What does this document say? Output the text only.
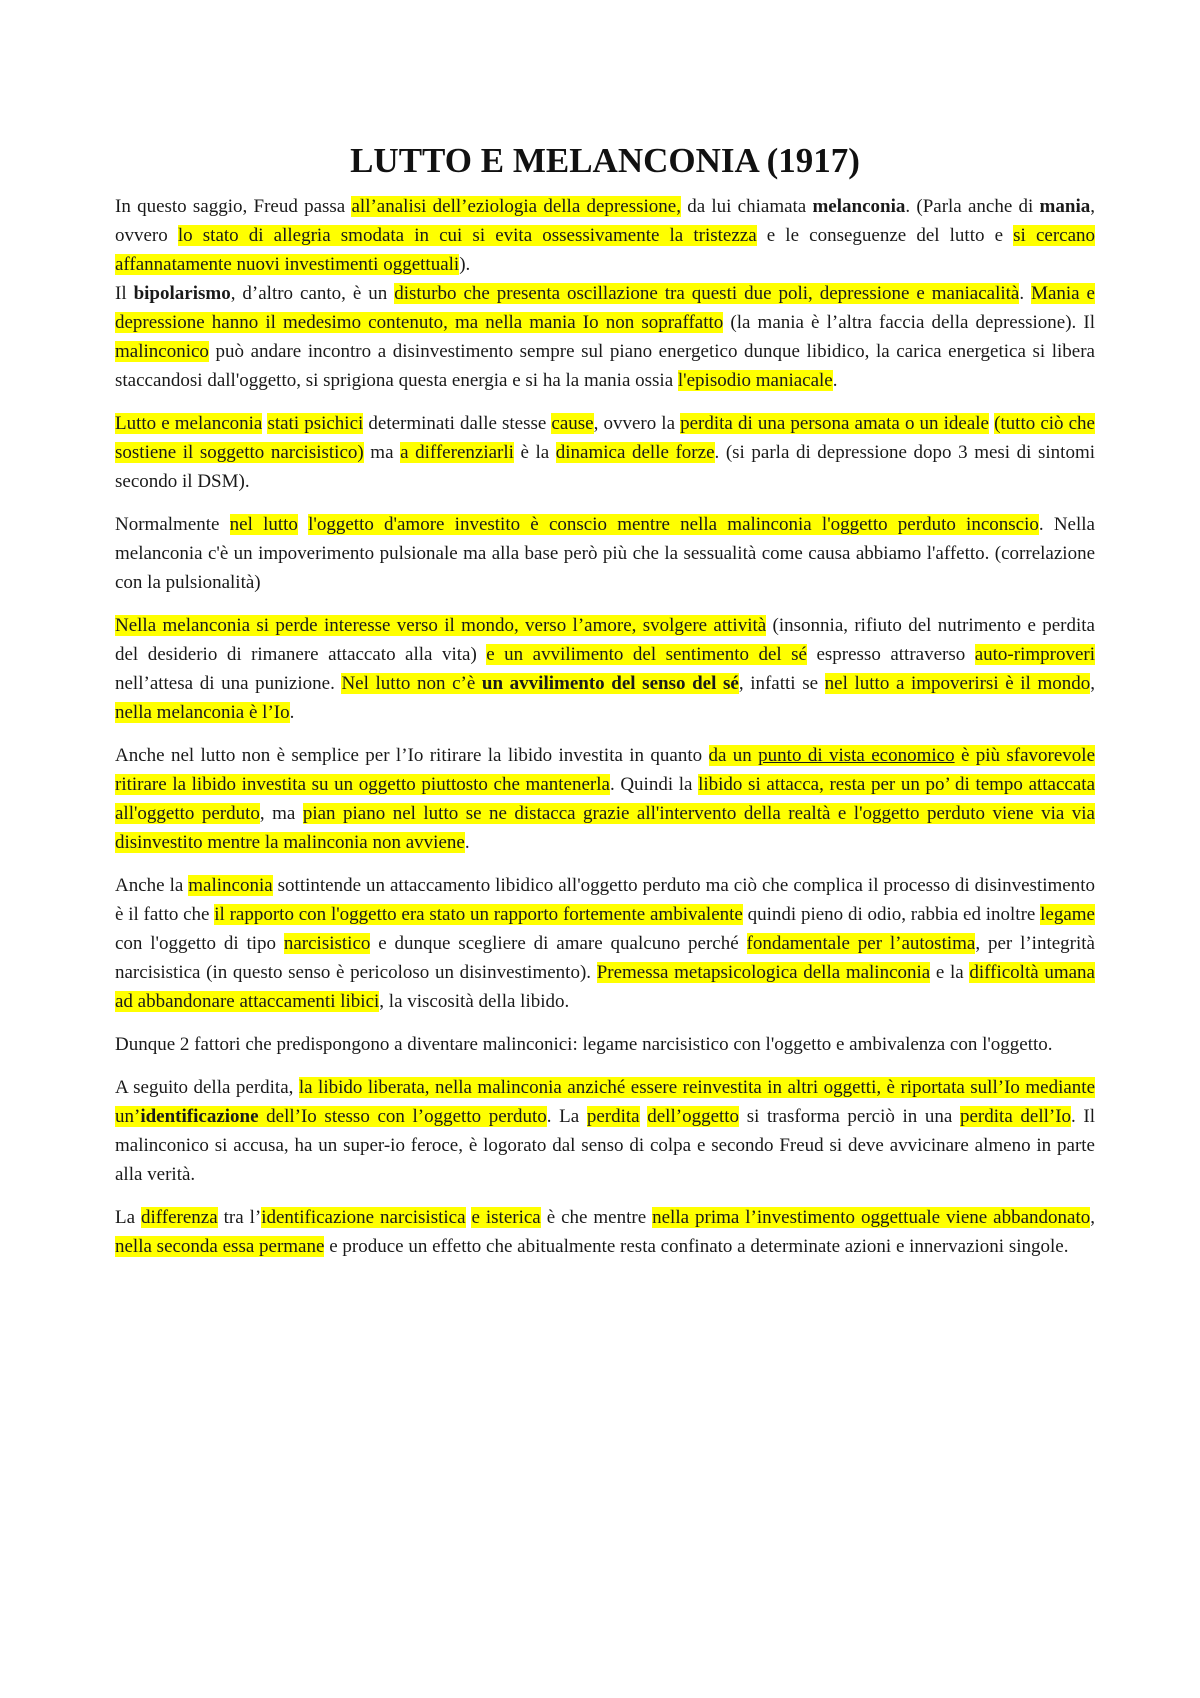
LUTTO E MELANCONIA (1917)

In questo saggio, Freud passa all’analisi dell’eziologia della depressione, da lui chiamata melanconia. (Parla anche di mania, ovvero lo stato di allegria smodata in cui si evita ossessivamente la tristezza e le conseguenze del lutto e si cercano affannatamente nuovi investimenti oggettuali).

Il bipolarismo, d’altro canto, è un disturbo che presenta oscillazione tra questi due poli, depressione e maniacalità. Mania e depressione hanno il medesimo contenuto, ma nella mania Io non sopraffatto (la mania è l’altra faccia della depressione). Il malinconico può andare incontro a disinvestimento sempre sul piano energetico dunque libidico, la carica energetica si libera staccandosi dall'oggetto, si sprigiona questa energia e si ha la mania ossia l'episodio maniacale.

Lutto e melanconia stati psichici determinati dalle stesse cause, ovvero la perdita di una persona amata o un ideale (tutto ciò che sostiene il soggetto narcisistico) ma a differenziarli è la dinamica delle forze. (si parla di depressione dopo 3 mesi di sintomi secondo il DSM).

Normalmente nel lutto l'oggetto d'amore investito è conscio mentre nella malinconia l'oggetto perduto inconscio. Nella melanconia c'è un impoverimento pulsionale ma alla base però più che la sessualità come causa abbiamo l'affetto. (correlazione con la pulsionalità)

Nella melanconia si perde interesse verso il mondo, verso l’amore, svolgere attività (insonnia, rifiuto del nutrimento e perdita del desiderio di rimanere attaccato alla vita) e un avvilimento del sentimento del sé espresso attraverso auto-rimproveri nell’attesa di una punizione. Nel lutto non c’è un avvilimento del senso del sé, infatti se nel lutto a impoverirsi è il mondo, nella melanconia è l’Io.

Anche nel lutto non è semplice per l’Io ritirare la libido investita in quanto da un punto di vista economico è più sfavorevole ritirare la libido investita su un oggetto piuttosto che mantenerla. Quindi la libido si attacca, resta per un po’ di tempo attaccata all'oggetto perduto, ma pian piano nel lutto se ne distacca grazie all'intervento della realtà e l'oggetto perduto viene via via disinvestito mentre la malinconia non avviene.

Anche la malinconia sottintende un attaccamento libidico all'oggetto perduto ma ciò che complica il processo di disinvestimento è il fatto che il rapporto con l'oggetto era stato un rapporto fortemente ambivalente quindi pieno di odio, rabbia ed inoltre legame con l'oggetto di tipo narcisistico e dunque scegliere di amare qualcuno perché fondamentale per l’autostima, per l’integrità narcisistica (in questo senso è pericoloso un disinvestimento). Premessa metapsicologica della malinconia e la difficoltà umana ad abbandonare attaccamenti libici, la viscosità della libido.

Dunque 2 fattori che predispongono a diventare malinconici: legame narcisistico con l'oggetto e ambivalenza con l'oggetto.

A seguito della perdita, la libido liberata, nella malinconia anziché essere reinvestita in altri oggetti, è riportata sull’Io mediante un’identificazione dell’Io stesso con l’oggetto perduto. La perdita dell’oggetto si trasforma perciò in una perdita dell’Io. Il malinconico si accusa, ha un super-io feroce, è logorato dal senso di colpa e secondo Freud si deve avvicinare almeno in parte alla verità.

La differenza tra l’identificazione narcisistica e isterica è che mentre nella prima l’investimento oggettuale viene abbandonato, nella seconda essa permane e produce un effetto che abitualmente resta confinato a determinate azioni e innervazioni singole.
